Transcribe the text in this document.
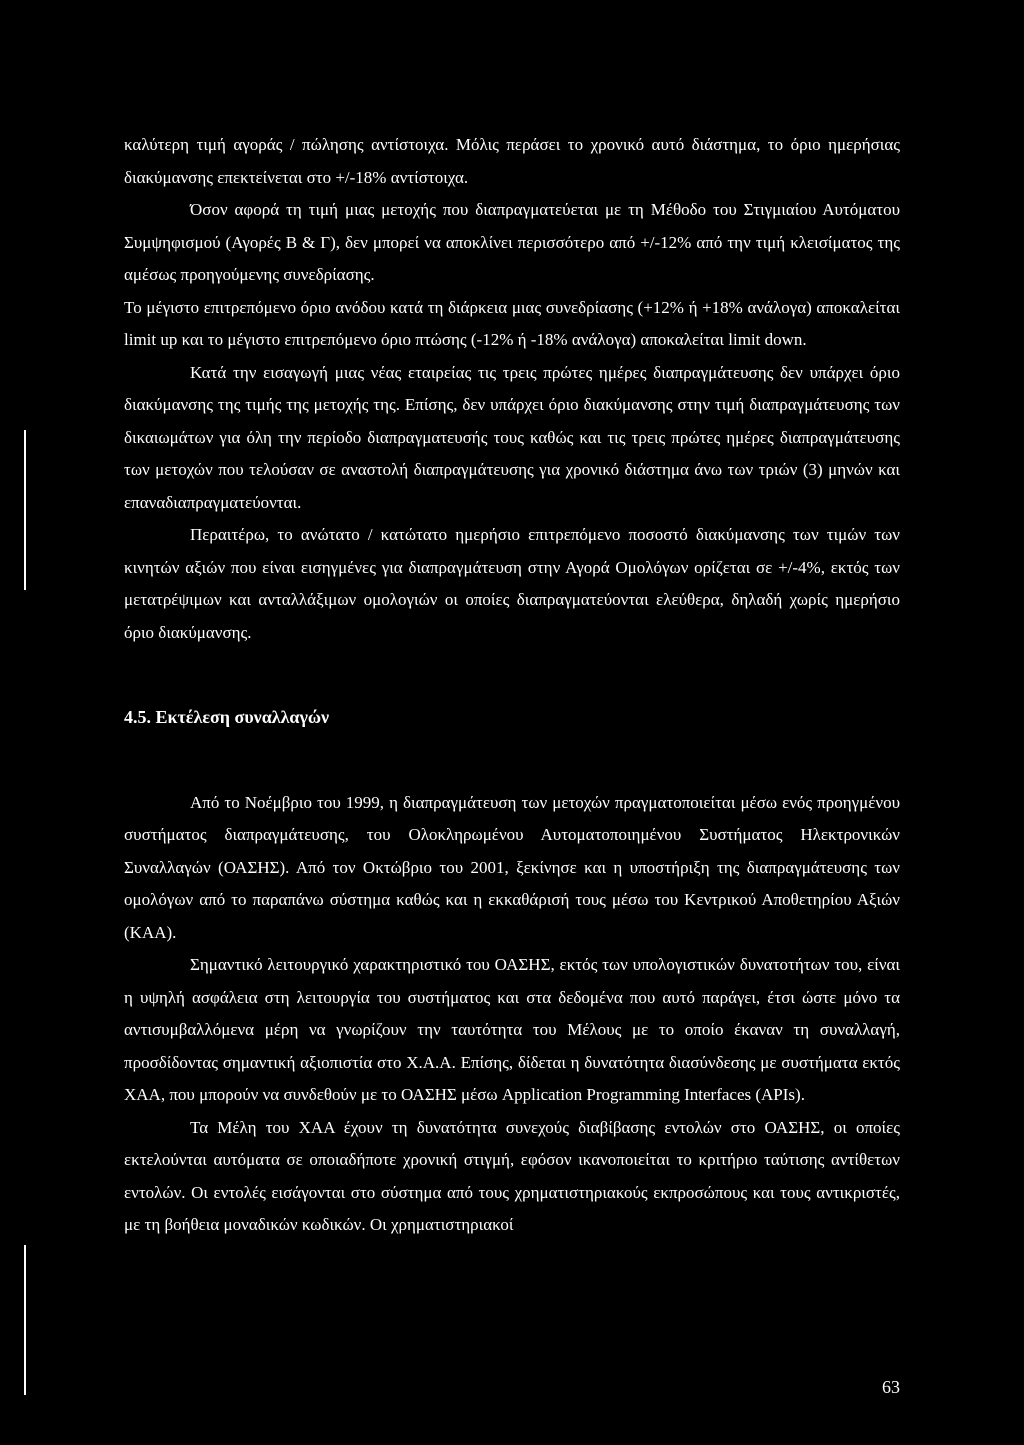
καλύτερη τιμή αγοράς / πώλησης αντίστοιχα. Μόλις περάσει το χρονικό αυτό διάστημα, το όριο ημερήσιας διακύμανσης επεκτείνεται στο +/-18% αντίστοιχα.

Όσον αφορά τη τιμή μιας μετοχής που διαπραγματεύεται με τη Μέθοδο του Στιγμιαίου Αυτόματου Συμψηφισμού (Αγορές Β & Γ), δεν μπορεί να αποκλίνει περισσότερο από +/-12% από την τιμή κλεισίματος της αμέσως προηγούμενης συνεδρίασης.

Το μέγιστο επιτρεπόμενο όριο ανόδου κατά τη διάρκεια μιας συνεδρίασης (+12% ή +18% ανάλογα) αποκαλείται limit up και το μέγιστο επιτρεπόμενο όριο πτώσης (-12% ή -18% ανάλογα) αποκαλείται limit down.

Κατά την εισαγωγή μιας νέας εταιρείας τις τρεις πρώτες ημέρες διαπραγμάτευσης δεν υπάρχει όριο διακύμανσης της τιμής της μετοχής της. Επίσης, δεν υπάρχει όριο διακύμανσης στην τιμή διαπραγμάτευσης των δικαιωμάτων για όλη την περίοδο διαπραγματευσής τους καθώς και τις τρεις πρώτες ημέρες διαπραγμάτευσης των μετοχών που τελούσαν σε αναστολή διαπραγμάτευσης για χρονικό διάστημα άνω των τριών (3) μηνών και επαναδιαπραγματεύονται.

Περαιτέρω, το ανώτατο / κατώτατο ημερήσιο επιτρεπόμενο ποσοστό διακύμανσης των τιμών των κινητών αξιών που είναι εισηγμένες για διαπραγμάτευση στην Αγορά Ομολόγων ορίζεται σε +/-4%, εκτός των μετατρέψιμων και ανταλλάξιμων ομολογιών οι οποίες διαπραγματεύονται ελεύθερα, δηλαδή χωρίς ημερήσιο όριο διακύμανσης.

4.5. Εκτέλεση συναλλαγών

Από το Νοέμβριο του 1999, η διαπραγμάτευση των μετοχών πραγματοποιείται μέσω ενός προηγμένου συστήματος διαπραγμάτευσης, του Ολοκληρωμένου Αυτοματοποιημένου Συστήματος Ηλεκτρονικών Συναλλαγών (ΟΑΣΗΣ). Από τον Οκτώβριο του 2001, ξεκίνησε και η υποστήριξη της διαπραγμάτευσης των ομολόγων από το παραπάνω σύστημα καθώς και η εκκαθάρισή τους μέσω του Κεντρικού Αποθετηρίου Αξιών (ΚΑΑ).

Σημαντικό λειτουργικό χαρακτηριστικό του ΟΑΣΗΣ, εκτός των υπολογιστικών δυνατοτήτων του, είναι η υψηλή ασφάλεια στη λειτουργία του συστήματος και στα δεδομένα που αυτό παράγει, έτσι ώστε μόνο τα αντισυμβαλλόμενα μέρη να γνωρίζουν την ταυτότητα του Μέλους με το οποίο έκαναν τη συναλλαγή, προσδίδοντας σημαντική αξιοπιστία στο Χ.Α.Α. Επίσης, δίδεται η δυνατότητα διασύνδεσης με συστήματα εκτός ΧΑΑ, που μπορούν να συνδεθούν με το ΟΑΣΗΣ μέσω Application Programming Interfaces (APIs).

Τα Μέλη του ΧΑΑ έχουν τη δυνατότητα συνεχούς διαβίβασης εντολών στο ΟΑΣΗΣ, οι οποίες εκτελούνται αυτόματα σε οποιαδήποτε χρονική στιγμή, εφόσον ικανοποιείται το κριτήριο ταύτισης αντίθετων εντολών. Οι εντολές εισάγονται στο σύστημα από τους χρηματιστηριακούς εκπροσώπους και τους αντικριστές, με τη βοήθεια μοναδικών κωδικών. Οι χρηματιστηριακοί

63
